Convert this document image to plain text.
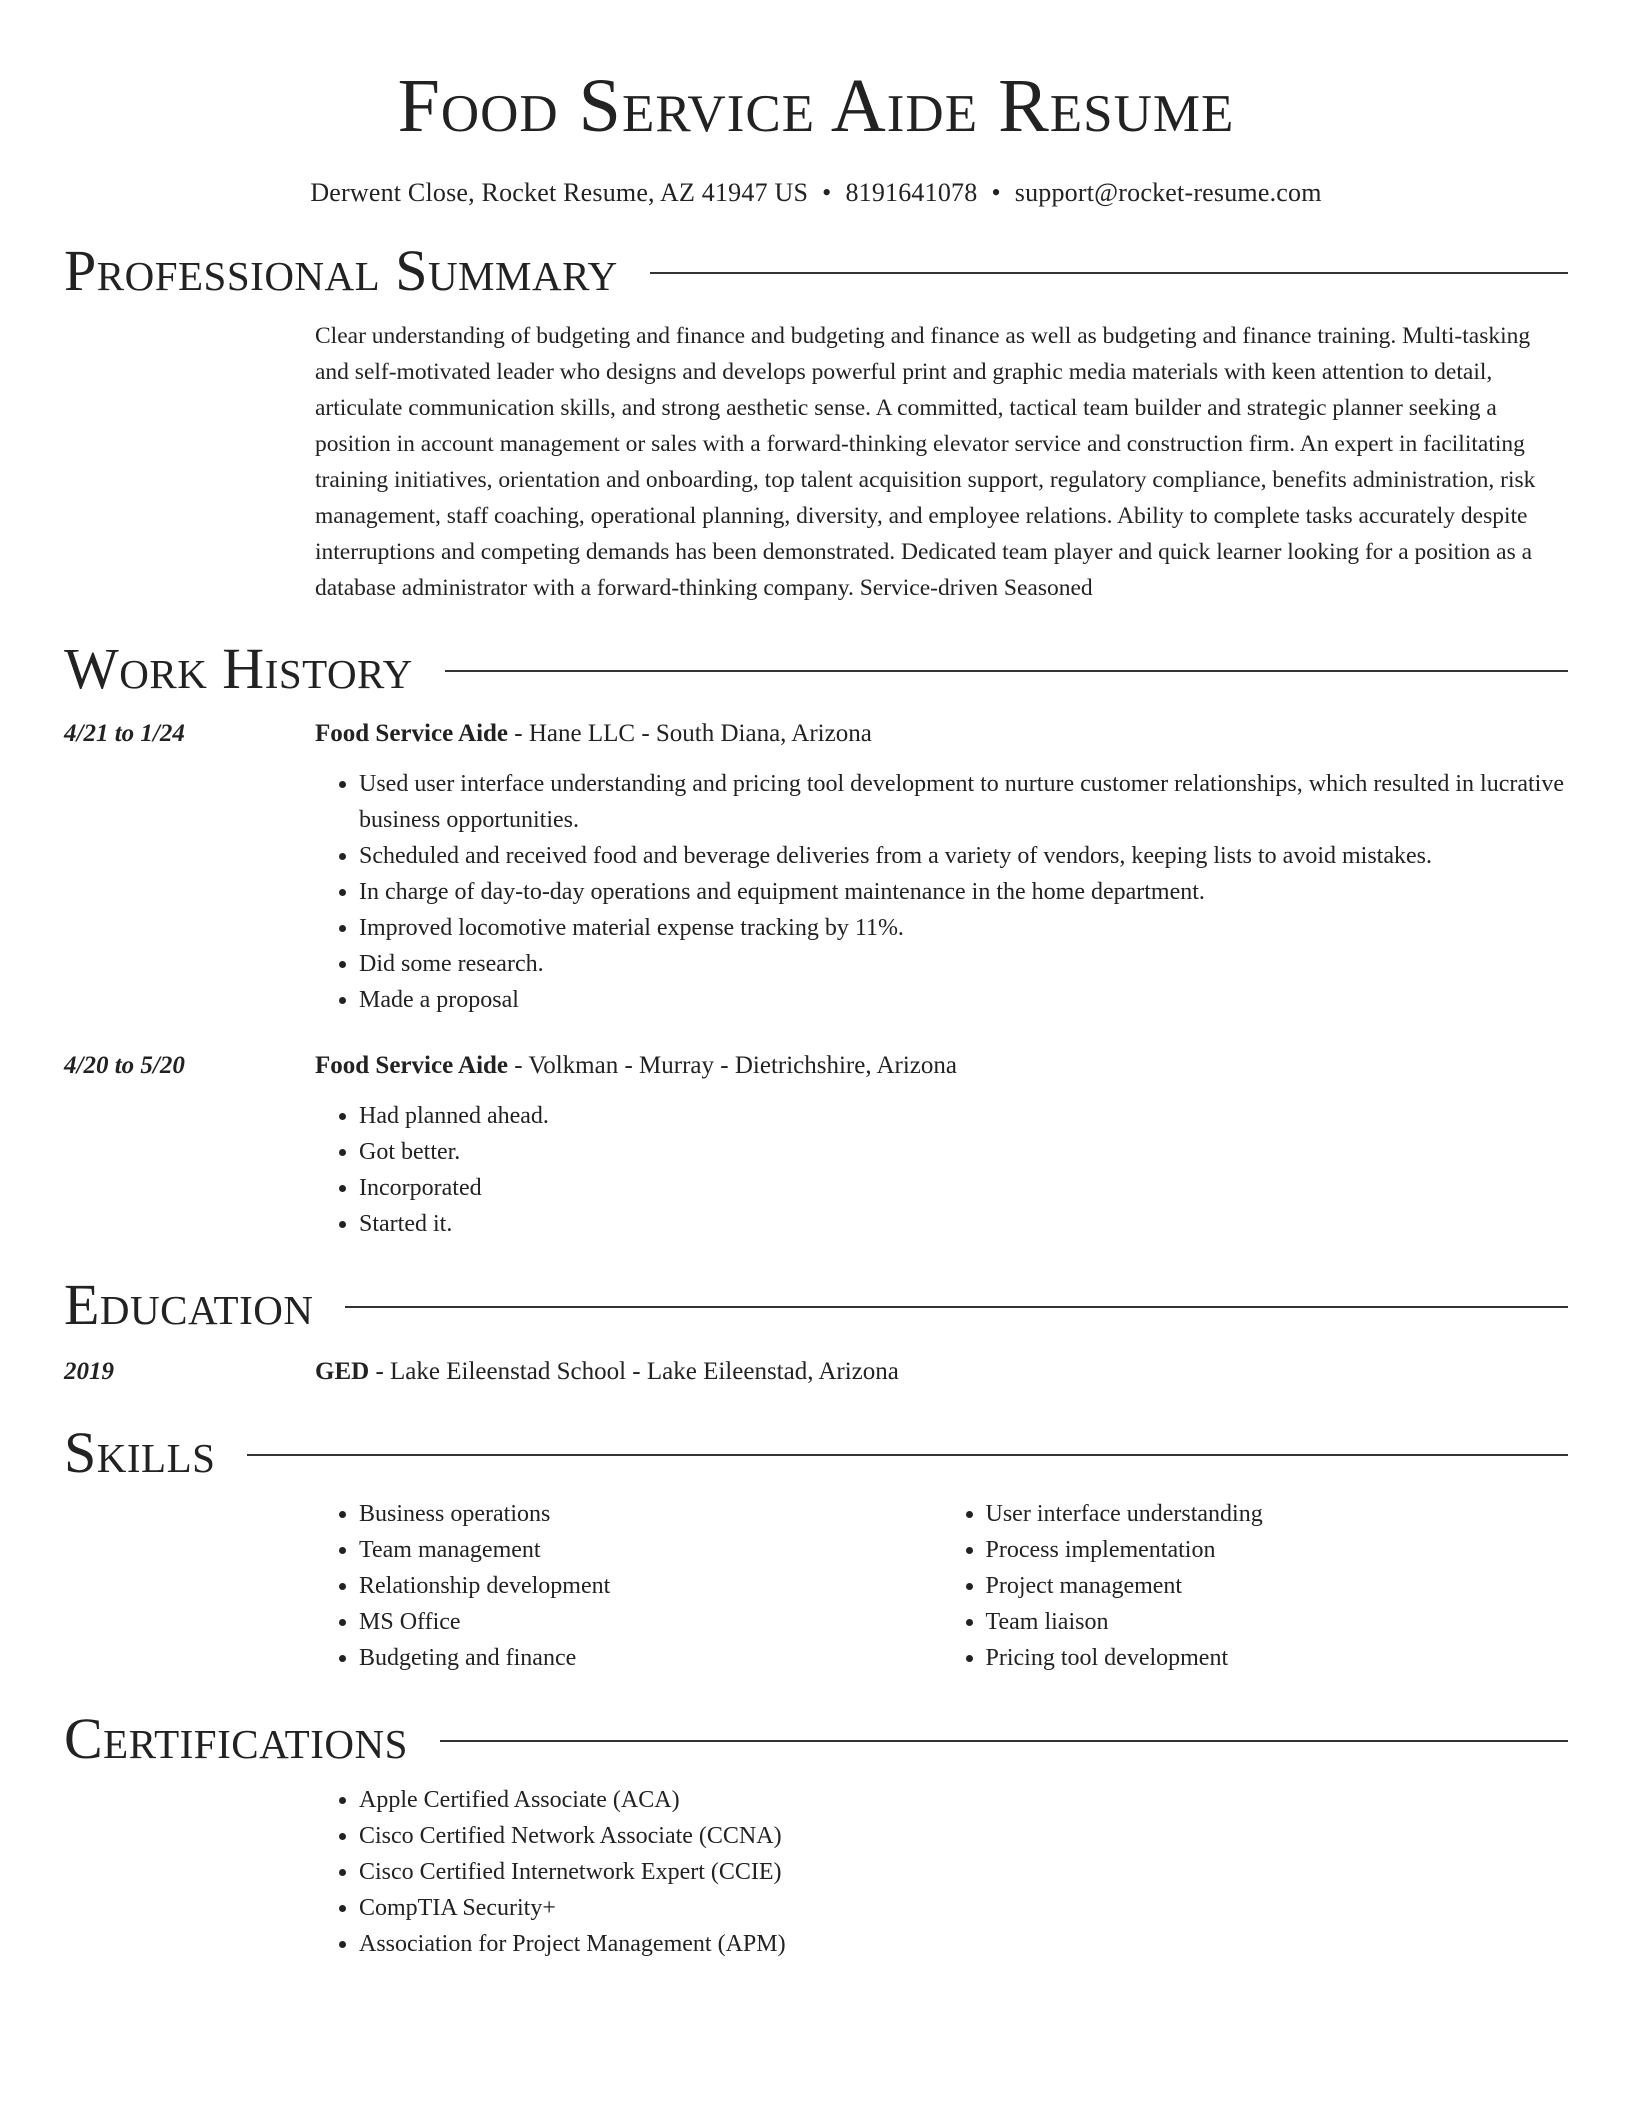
Food Service Aide Resume
Derwent Close, Rocket Resume, AZ 41947 US • 8191641078 • support@rocket-resume.com
Professional Summary
Clear understanding of budgeting and finance and budgeting and finance as well as budgeting and finance training. Multi-tasking and self-motivated leader who designs and develops powerful print and graphic media materials with keen attention to detail, articulate communication skills, and strong aesthetic sense. A committed, tactical team builder and strategic planner seeking a position in account management or sales with a forward-thinking elevator service and construction firm. An expert in facilitating training initiatives, orientation and onboarding, top talent acquisition support, regulatory compliance, benefits administration, risk management, staff coaching, operational planning, diversity, and employee relations. Ability to complete tasks accurately despite interruptions and competing demands has been demonstrated. Dedicated team player and quick learner looking for a position as a database administrator with a forward-thinking company. Service-driven Seasoned
Work History
4/21 to 1/24	Food Service Aide - Hane LLC - South Diana, Arizona
• Used user interface understanding and pricing tool development to nurture customer relationships, which resulted in lucrative business opportunities.
• Scheduled and received food and beverage deliveries from a variety of vendors, keeping lists to avoid mistakes.
• In charge of day-to-day operations and equipment maintenance in the home department.
• Improved locomotive material expense tracking by 11%.
• Did some research.
• Made a proposal
4/20 to 5/20	Food Service Aide - Volkman - Murray - Dietrichshire, Arizona
• Had planned ahead.
• Got better.
• Incorporated
• Started it.
Education
2019	GED - Lake Eileenstad School - Lake Eileenstad, Arizona
Skills
• Business operations
• Team management
• Relationship development
• MS Office
• Budgeting and finance
• User interface understanding
• Process implementation
• Project management
• Team liaison
• Pricing tool development
Certifications
• Apple Certified Associate (ACA)
• Cisco Certified Network Associate (CCNA)
• Cisco Certified Internetwork Expert (CCIE)
• CompTIA Security+
• Association for Project Management (APM)
